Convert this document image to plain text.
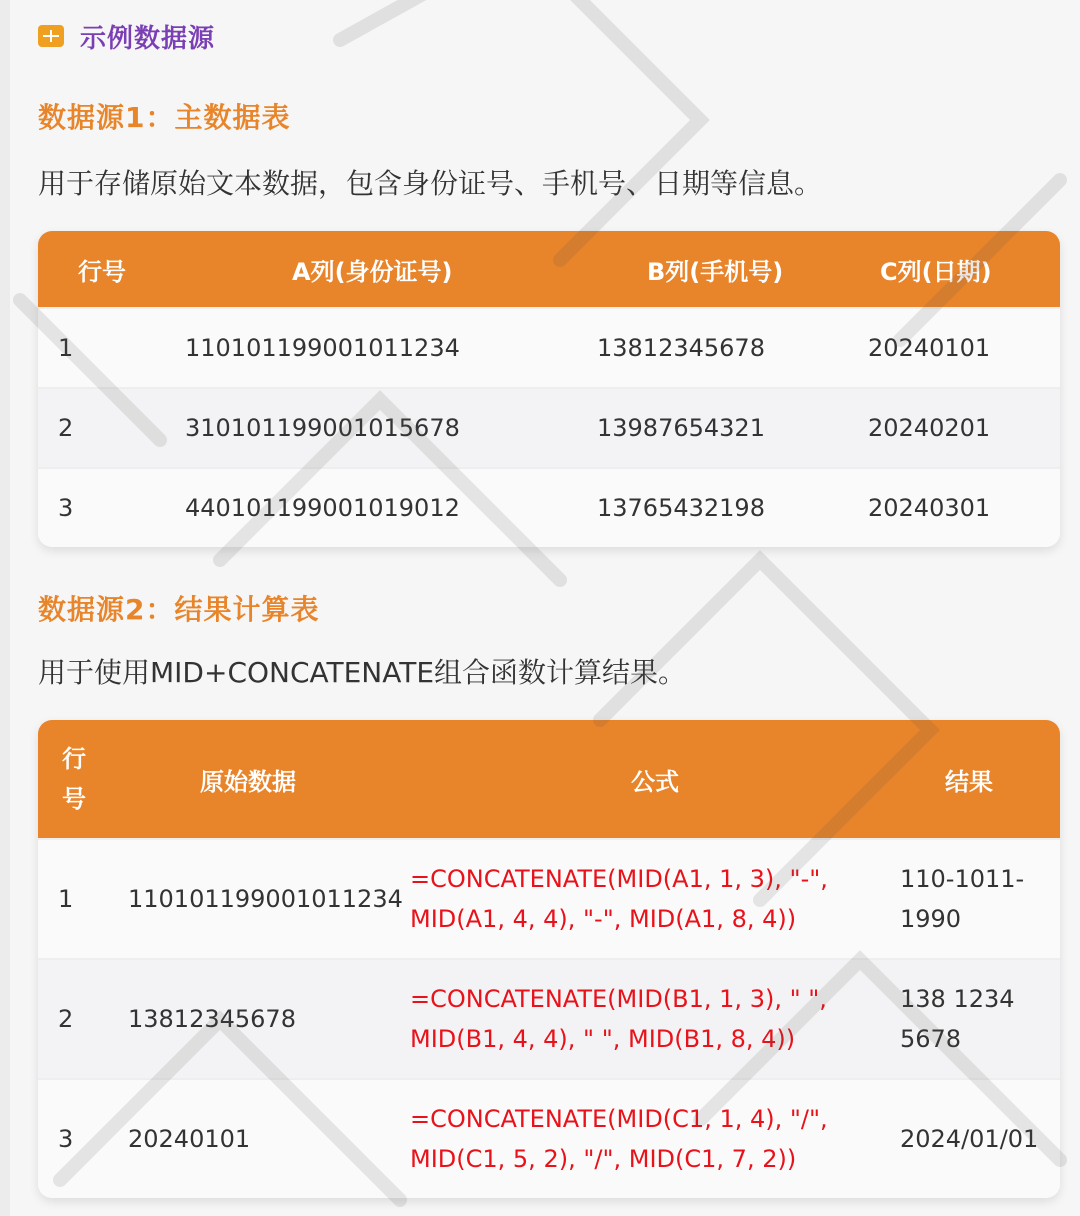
示例数据源
数据源1：主数据表
用于存储原始文本数据，包含身份证号、手机号、日期等信息。
行号	A列(身份证号)	B列(手机号)	C列(日期)
1	110101199001011234	13812345678	20240101
2	310101199001015678	13987654321	20240201
3	440101199001019012	13765432198	20240301
数据源2：结果计算表
用于使用MID+CONCATENATE组合函数计算结果。
行号	原始数据	公式	结果
1	110101199001011234	=CONCATENATE(MID(A1, 1, 3), "-", MID(A1, 4, 4), "-", MID(A1, 8, 4))	110-1011-1990
2	13812345678	=CONCATENATE(MID(B1, 1, 3), " ", MID(B1, 4, 4), " ", MID(B1, 8, 4))	138 1234 5678
3	20240101	=CONCATENATE(MID(C1, 1, 4), "/", MID(C1, 5, 2), "/", MID(C1, 7, 2))	2024/01/01
